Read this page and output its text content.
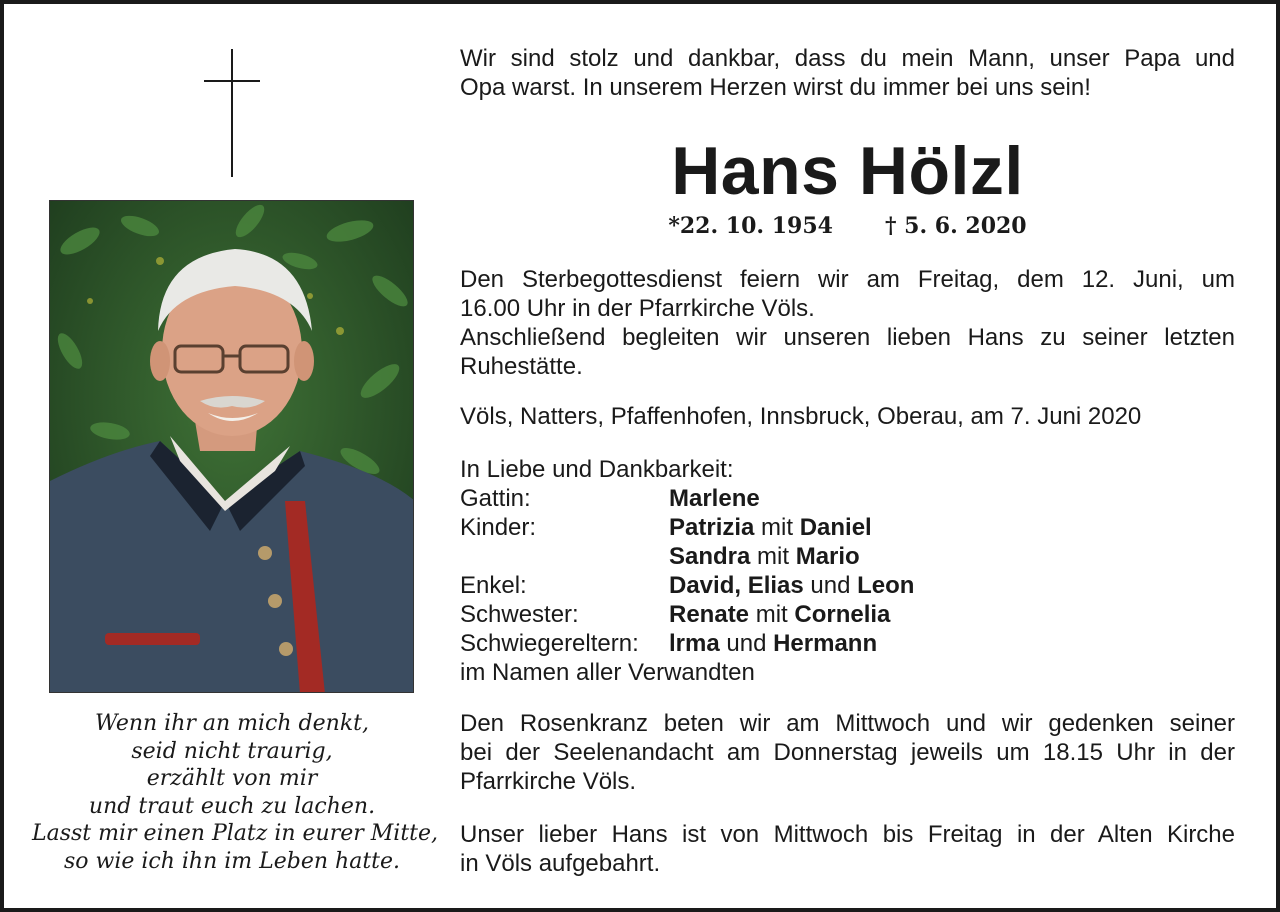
Wenn ihr an mich denkt,
seid nicht traurig,
erzählt von mir
und traut euch zu lachen.
Lasst mir einen Platz in eurer Mitte,
so wie ich ihn im Leben hatte.
Wir sind stolz und dankbar, dass du mein Mann, unser Papa und
Opa warst. In unserem Herzen wirst du immer bei uns sein!
Hans Hölzl
*22. 10. 1954 † 5. 6. 2020
Den Sterbegottesdienst feiern wir am Freitag, dem 12. Juni, um
16.00 Uhr in der Pfarrkirche Völs.
Anschließend begleiten wir unseren lieben Hans zu seiner letzten
Ruhestätte.
Völs, Natters, Pfaffenhofen, Innsbruck, Oberau, am 7. Juni 2020
In Liebe und Dankbarkeit:
Gattin:	Marlene
Kinder:	Patrizia mit Daniel
Sandra mit Mario
Enkel:	David, Elias und Leon
Schwester:	Renate mit Cornelia
Schwiegereltern:	lrma und Hermann
im Namen aller Verwandten
Den Rosenkranz beten wir am Mittwoch und wir gedenken seiner
bei der Seelenandacht am Donnerstag jeweils um 18.15 Uhr in der
Pfarrkirche Völs.
Unser lieber Hans ist von Mittwoch bis Freitag in der Alten Kirche
in Völs aufgebahrt.
